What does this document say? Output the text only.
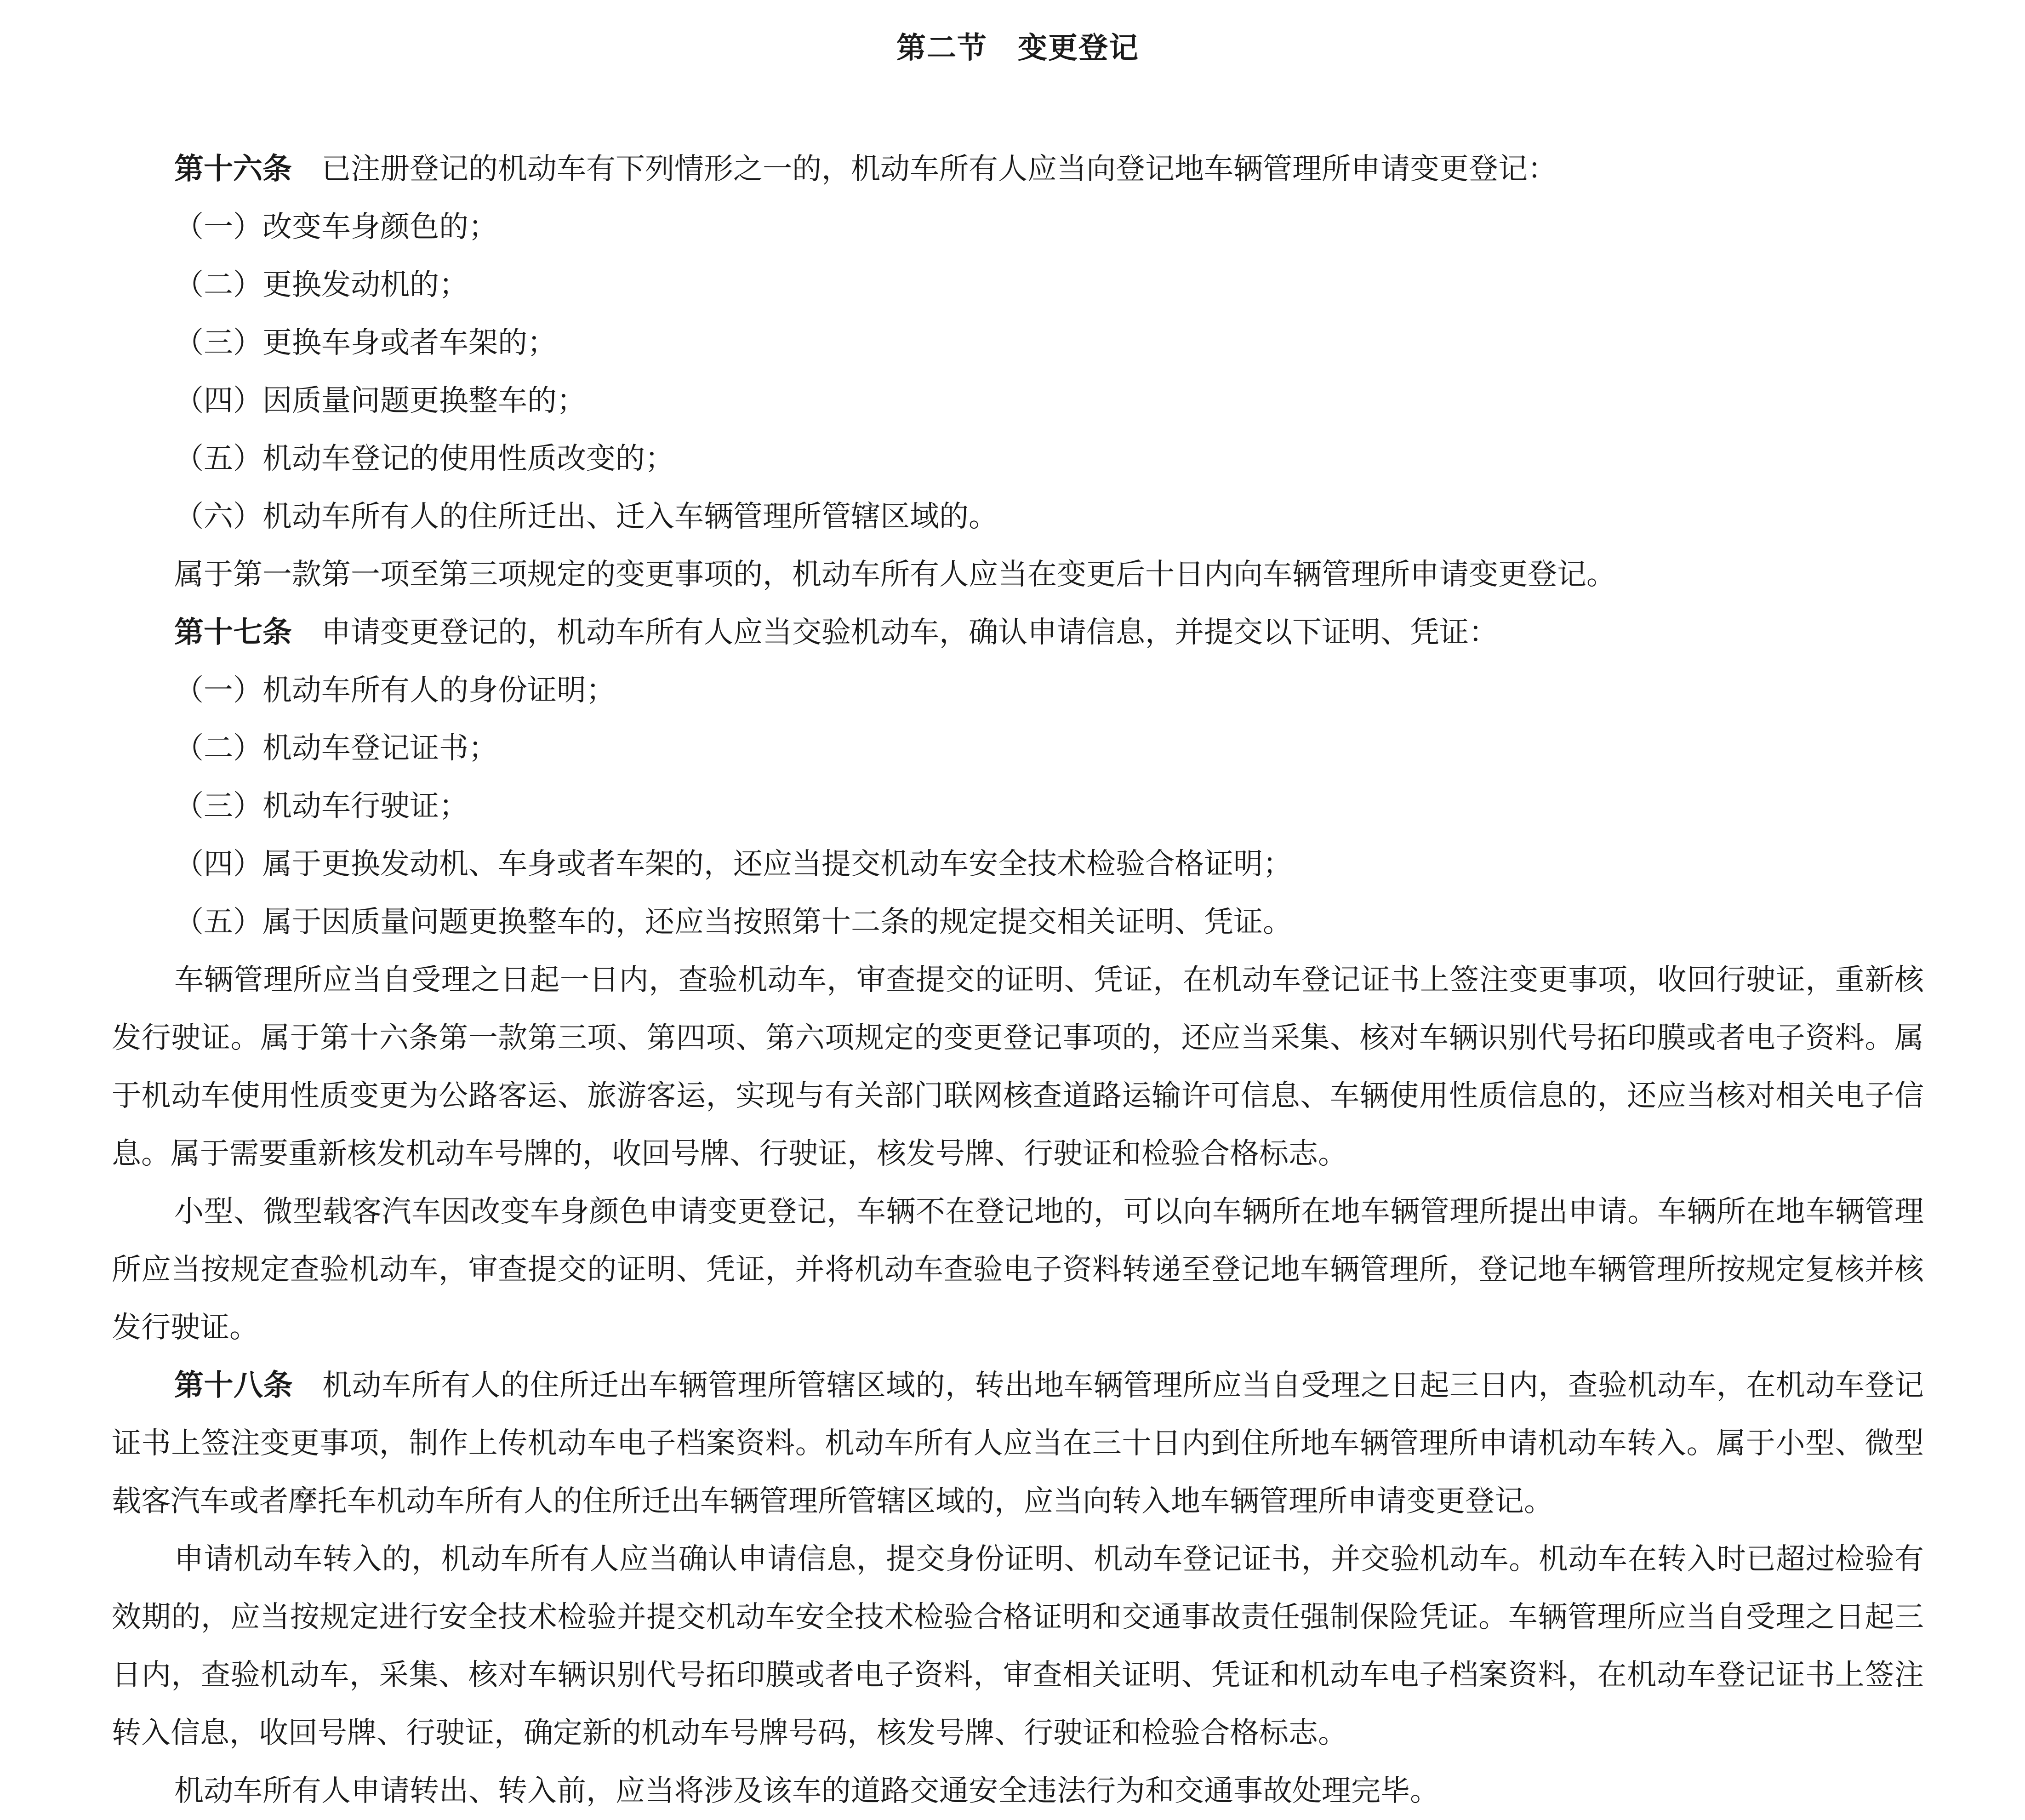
第二节　变更登记

第十六条 已注册登记的机动车有下列情形之一的，机动车所有人应当向登记地车辆管理所申请变更登记：

（一）改变车身颜色的；

（二）更换发动机的；

（三）更换车身或者车架的；

（四）因质量问题更换整车的；

（五）机动车登记的使用性质改变的；

（六）机动车所有人的住所迁出、迁入车辆管理所管辖区域的。

属于第一款第一项至第三项规定的变更事项的，机动车所有人应当在变更后十日内向车辆管理所申请变更登记。

第十七条 申请变更登记的，机动车所有人应当交验机动车，确认申请信息，并提交以下证明、凭证：

（一）机动车所有人的身份证明；

（二）机动车登记证书；

（三）机动车行驶证；

（四）属于更换发动机、车身或者车架的，还应当提交机动车安全技术检验合格证明；

（五）属于因质量问题更换整车的，还应当按照第十二条的规定提交相关证明、凭证。

车辆管理所应当自受理之日起一日内，查验机动车，审查提交的证明、凭证，在机动车登记证书上签注变更事项，收回行驶证，重新核发行驶证。属于第十六条第一款第三项、第四项、第六项规定的变更登记事项的，还应当采集、核对车辆识别代号拓印膜或者电子资料。属于机动车使用性质变更为公路客运、旅游客运，实现与有关部门联网核查道路运输许可信息、车辆使用性质信息的，还应当核对相关电子信息。属于需要重新核发机动车号牌的，收回号牌、行驶证，核发号牌、行驶证和检验合格标志。

小型、微型载客汽车因改变车身颜色申请变更登记，车辆不在登记地的，可以向车辆所在地车辆管理所提出申请。车辆所在地车辆管理所应当按规定查验机动车，审查提交的证明、凭证，并将机动车查验电子资料转递至登记地车辆管理所，登记地车辆管理所按规定复核并核发行驶证。

第十八条 机动车所有人的住所迁出车辆管理所管辖区域的，转出地车辆管理所应当自受理之日起三日内，查验机动车，在机动车登记证书上签注变更事项，制作上传机动车电子档案资料。机动车所有人应当在三十日内到住所地车辆管理所申请机动车转入。属于小型、微型载客汽车或者摩托车机动车所有人的住所迁出车辆管理所管辖区域的，应当向转入地车辆管理所申请变更登记。

申请机动车转入的，机动车所有人应当确认申请信息，提交身份证明、机动车登记证书，并交验机动车。机动车在转入时已超过检验有效期的，应当按规定进行安全技术检验并提交机动车安全技术检验合格证明和交通事故责任强制保险凭证。车辆管理所应当自受理之日起三日内，查验机动车，采集、核对车辆识别代号拓印膜或者电子资料，审查相关证明、凭证和机动车电子档案资料，在机动车登记证书上签注转入信息，收回号牌、行驶证，确定新的机动车号牌号码，核发号牌、行驶证和检验合格标志。

机动车所有人申请转出、转入前，应当将涉及该车的道路交通安全违法行为和交通事故处理完毕。
